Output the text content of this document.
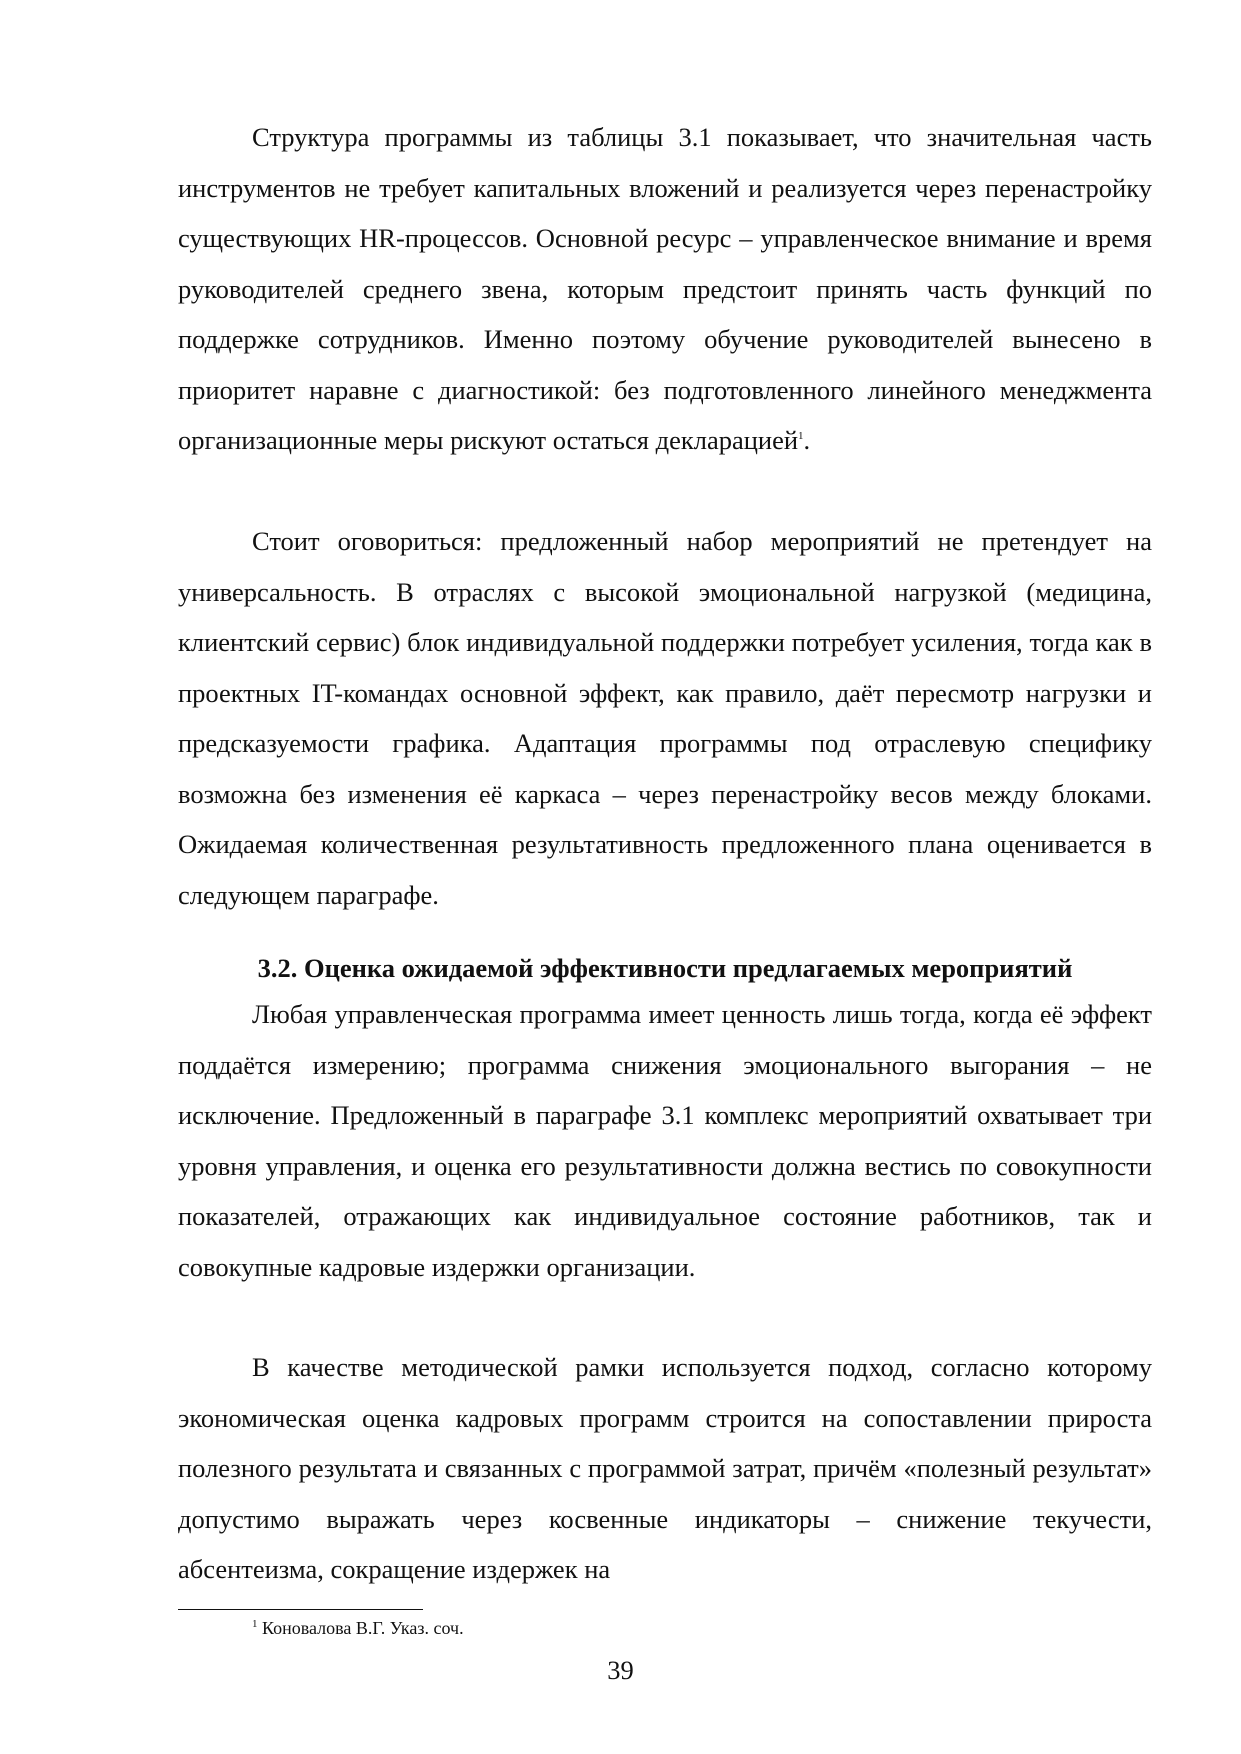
Структура программы из таблицы 3.1 показывает, что значительная часть инструментов не требует капитальных вложений и реализуется через перенастройку существующих HR-процессов. Основной ресурс – управленческое внимание и время руководителей среднего звена, которым предстоит принять часть функций по поддержке сотрудников. Именно поэтому обучение руководителей вынесено в приоритет наравне с диагностикой: без подготовленного линейного менеджмента организационные меры рискуют остаться декларацией$^1$.

Стоит оговориться: предложенный набор мероприятий не претендует на универсальность. В отраслях с высокой эмоциональной нагрузкой (медицина, клиентский сервис) блок индивидуальной поддержки потребует усиления, тогда как в проектных IT-командах основной эффект, как правило, даёт пересмотр нагрузки и предсказуемости графика. Адаптация программы под отраслевую специфику возможна без изменения её каркаса – через перенастройку весов между блоками. Ожидаемая количественная результативность предложенного плана оценивается в следующем параграфе.

3.2. Оценка ожидаемой эффективности предлагаемых мероприятий

Любая управленческая программа имеет ценность лишь тогда, когда её эффект поддаётся измерению; программа снижения эмоционального выгорания – не исключение. Предложенный в параграфе 3.1 комплекс мероприятий охватывает три уровня управления, и оценка его результативности должна вестись по совокупности показателей, отражающих как индивидуальное состояние работников, так и совокупные кадровые издержки организации.

В качестве методической рамки используется подход, согласно которому экономическая оценка кадровых программ строится на сопоставлении прироста полезного результата и связанных с программой затрат, причём «полезный результат» допустимо выражать через косвенные индикаторы – снижение текучести, абсентеизма, сокращение издержек на

$^1$ Коновалова В.Г. Указ. соч.

39
